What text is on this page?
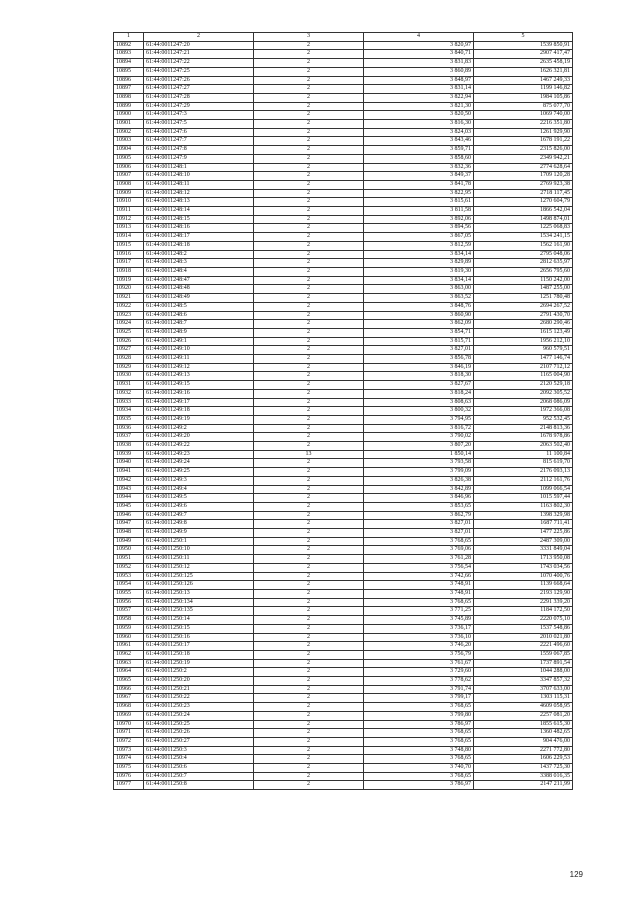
1	2	3	4	5
10892	61:44:0011247:20	2	3 820,97	1539 850,91
10893	61:44:0011247:21	2	3 840,71	2907 417,47
10894	61:44:0011247:22	2	3 831,83	2635 458,19
10895	61:44:0011247:25	2	3 860,89	1626 321,81
10896	61:44:0011247:26	2	3 848,97	1467 249,33
10897	61:44:0011247:27	2	3 831,14	1199 146,82
10898	61:44:0011247:28	2	3 822,94	1984 105,86
10899	61:44:0011247:29	2	3 821,30	875 077,70
10900	61:44:0011247:3	2	3 820,50	1069 740,00
10901	61:44:0011247:5	2	3 816,30	2216 351,80
10902	61:44:0011247:6	2	3 824,03	1261 929,90
10903	61:44:0011247:7	2	3 843,46	1678 191,22
10904	61:44:0011247:8	2	3 859,71	2315 826,00
10905	61:44:0011247:9	2	3 858,60	2349 942,21
10906	61:44:0011248:1	2	3 832,36	2774 628,64
10907	61:44:0011248:10	2	3 849,37	1709 120,28
10908	61:44:0011248:11	2	3 841,78	2769 923,38
10909	61:44:0011248:12	2	3 822,95	2718 117,45
10910	61:44:0011248:13	2	3 815,61	1270 604,79
10911	61:44:0011248:14	2	3 811,58	1866 542,04
10912	61:44:0011248:15	2	3 892,06	1498 874,01
10913	61:44:0011248:16	2	3 894,56	1225 068,83
10914	61:44:0011248:17	2	3 867,05	1534 241,15
10915	61:44:0011248:18	2	3 812,59	1562 161,90
10916	61:44:0011248:2	2	3 834,14	2795 048,06
10917	61:44:0011248:3	2	3 829,89	2812 635,97
10918	61:44:0011248:4	2	3 819,30	2656 795,60
10919	61:44:0011248:47	2	3 834,14	1150 242,00
10920	61:44:0011248:48	2	3 863,00	1487 255,00
10921	61:44:0011248:49	2	3 863,52	1251 780,48
10922	61:44:0011248:5	2	3 848,76	2694 267,52
10923	61:44:0011248:6	2	3 860,90	2791 430,70
10924	61:44:0011248:7	2	3 862,09	2680 290,46
10925	61:44:0011248:9	2	3 854,71	1615 123,49
10926	61:44:0011249:1	2	3 815,71	1956 212,10
10927	61:44:0011249:10	2	3 827,01	960 579,51
10928	61:44:0011249:11	2	3 856,78	1477 146,74
10929	61:44:0011249:12	2	3 846,19	2107 712,12
10930	61:44:0011249:13	2	3 818,30	1165 004,90
10931	61:44:0011249:15	2	3 827,67	2120 529,18
10932	61:44:0011249:16	2	3 818,24	2092 305,52
10933	61:44:0011249:17	2	3 808,63	2068 086,09
10934	61:44:0011249:18	2	3 800,32	1972 366,08
10935	61:44:0011249:19	2	3 794,95	952 532,45
10936	61:44:0011249:2	2	3 816,72	2148 813,36
10937	61:44:0011249:20	2	3 790,02	1678 978,86
10938	61:44:0011249:22	2	3 807,20	2063 502,40
10939	61:44:0011249:23	13	1 850,14	11 100,84
10940	61:44:0011249:24	2	3 793,58	815 619,70
10941	61:44:0011249:25	2	3 799,09	2176 093,13
10942	61:44:0011249:3	2	3 826,38	2112 161,76
10943	61:44:0011249:4	2	3 842,89	1099 066,54
10944	61:44:0011249:5	2	3 846,96	1015 597,44
10945	61:44:0011249:6	2	3 853,65	1163 802,30
10946	61:44:0011249:7	2	3 862,79	1398 329,98
10947	61:44:0011249:8	2	3 827,01	1687 711,41
10948	61:44:0011249:9	2	3 827,01	1477 225,86
10949	61:44:0011250:1	2	3 768,65	2487 309,00
10950	61:44:0011250:10	2	3 769,06	3331 849,04
10951	61:44:0011250:11	2	3 761,28	1713 950,08
10952	61:44:0011250:12	2	3 756,54	1743 034,56
10953	61:44:0011250:125	2	3 742,66	1070 400,76
10954	61:44:0011250:126	2	3 748,91	1139 668,64
10955	61:44:0011250:13	2	3 748,91	2193 129,90
10956	61:44:0011250:134	2	3 768,65	2291 339,20
10957	61:44:0011250:135	2	3 771,25	1184 172,50
10958	61:44:0011250:14	2	3 745,89	2220 075,10
10959	61:44:0011250:15	2	3 736,17	1537 548,86
10960	61:44:0011250:16	2	3 736,10	2010 021,80
10961	61:44:0011250:17	2	3 746,20	2221 496,60
10962	61:44:0011250:18	2	3 756,79	1559 067,85
10963	61:44:0011250:19	2	3 761,67	1737 891,54
10964	61:44:0011250:2	2	3 729,60	1044 288,00
10965	61:44:0011250:20	2	3 778,62	3347 857,32
10966	61:44:0011250:21	2	3 791,74	3707 633,00
10967	61:44:0011250:22	2	3 799,17	1303 115,31
10968	61:44:0011250:23	2	3 768,65	4609 058,95
10969	61:44:0011250:24	2	3 799,80	2257 081,20
10970	61:44:0011250:25	2	3 786,97	1855 615,30
10971	61:44:0011250:26	2	3 768,65	1360 482,65
10972	61:44:0011250:27	2	3 768,65	904 476,00
10973	61:44:0011250:3	2	3 748,80	2271 772,80
10974	61:44:0011250:4	2	3 768,65	1606 229,53
10975	61:44:0011250:6	2	3 740,70	1437 725,30
10976	61:44:0011250:7	2	3 768,65	3388 016,35
10977	61:44:0011250:8	2	3 786,97	2147 211,99
129
